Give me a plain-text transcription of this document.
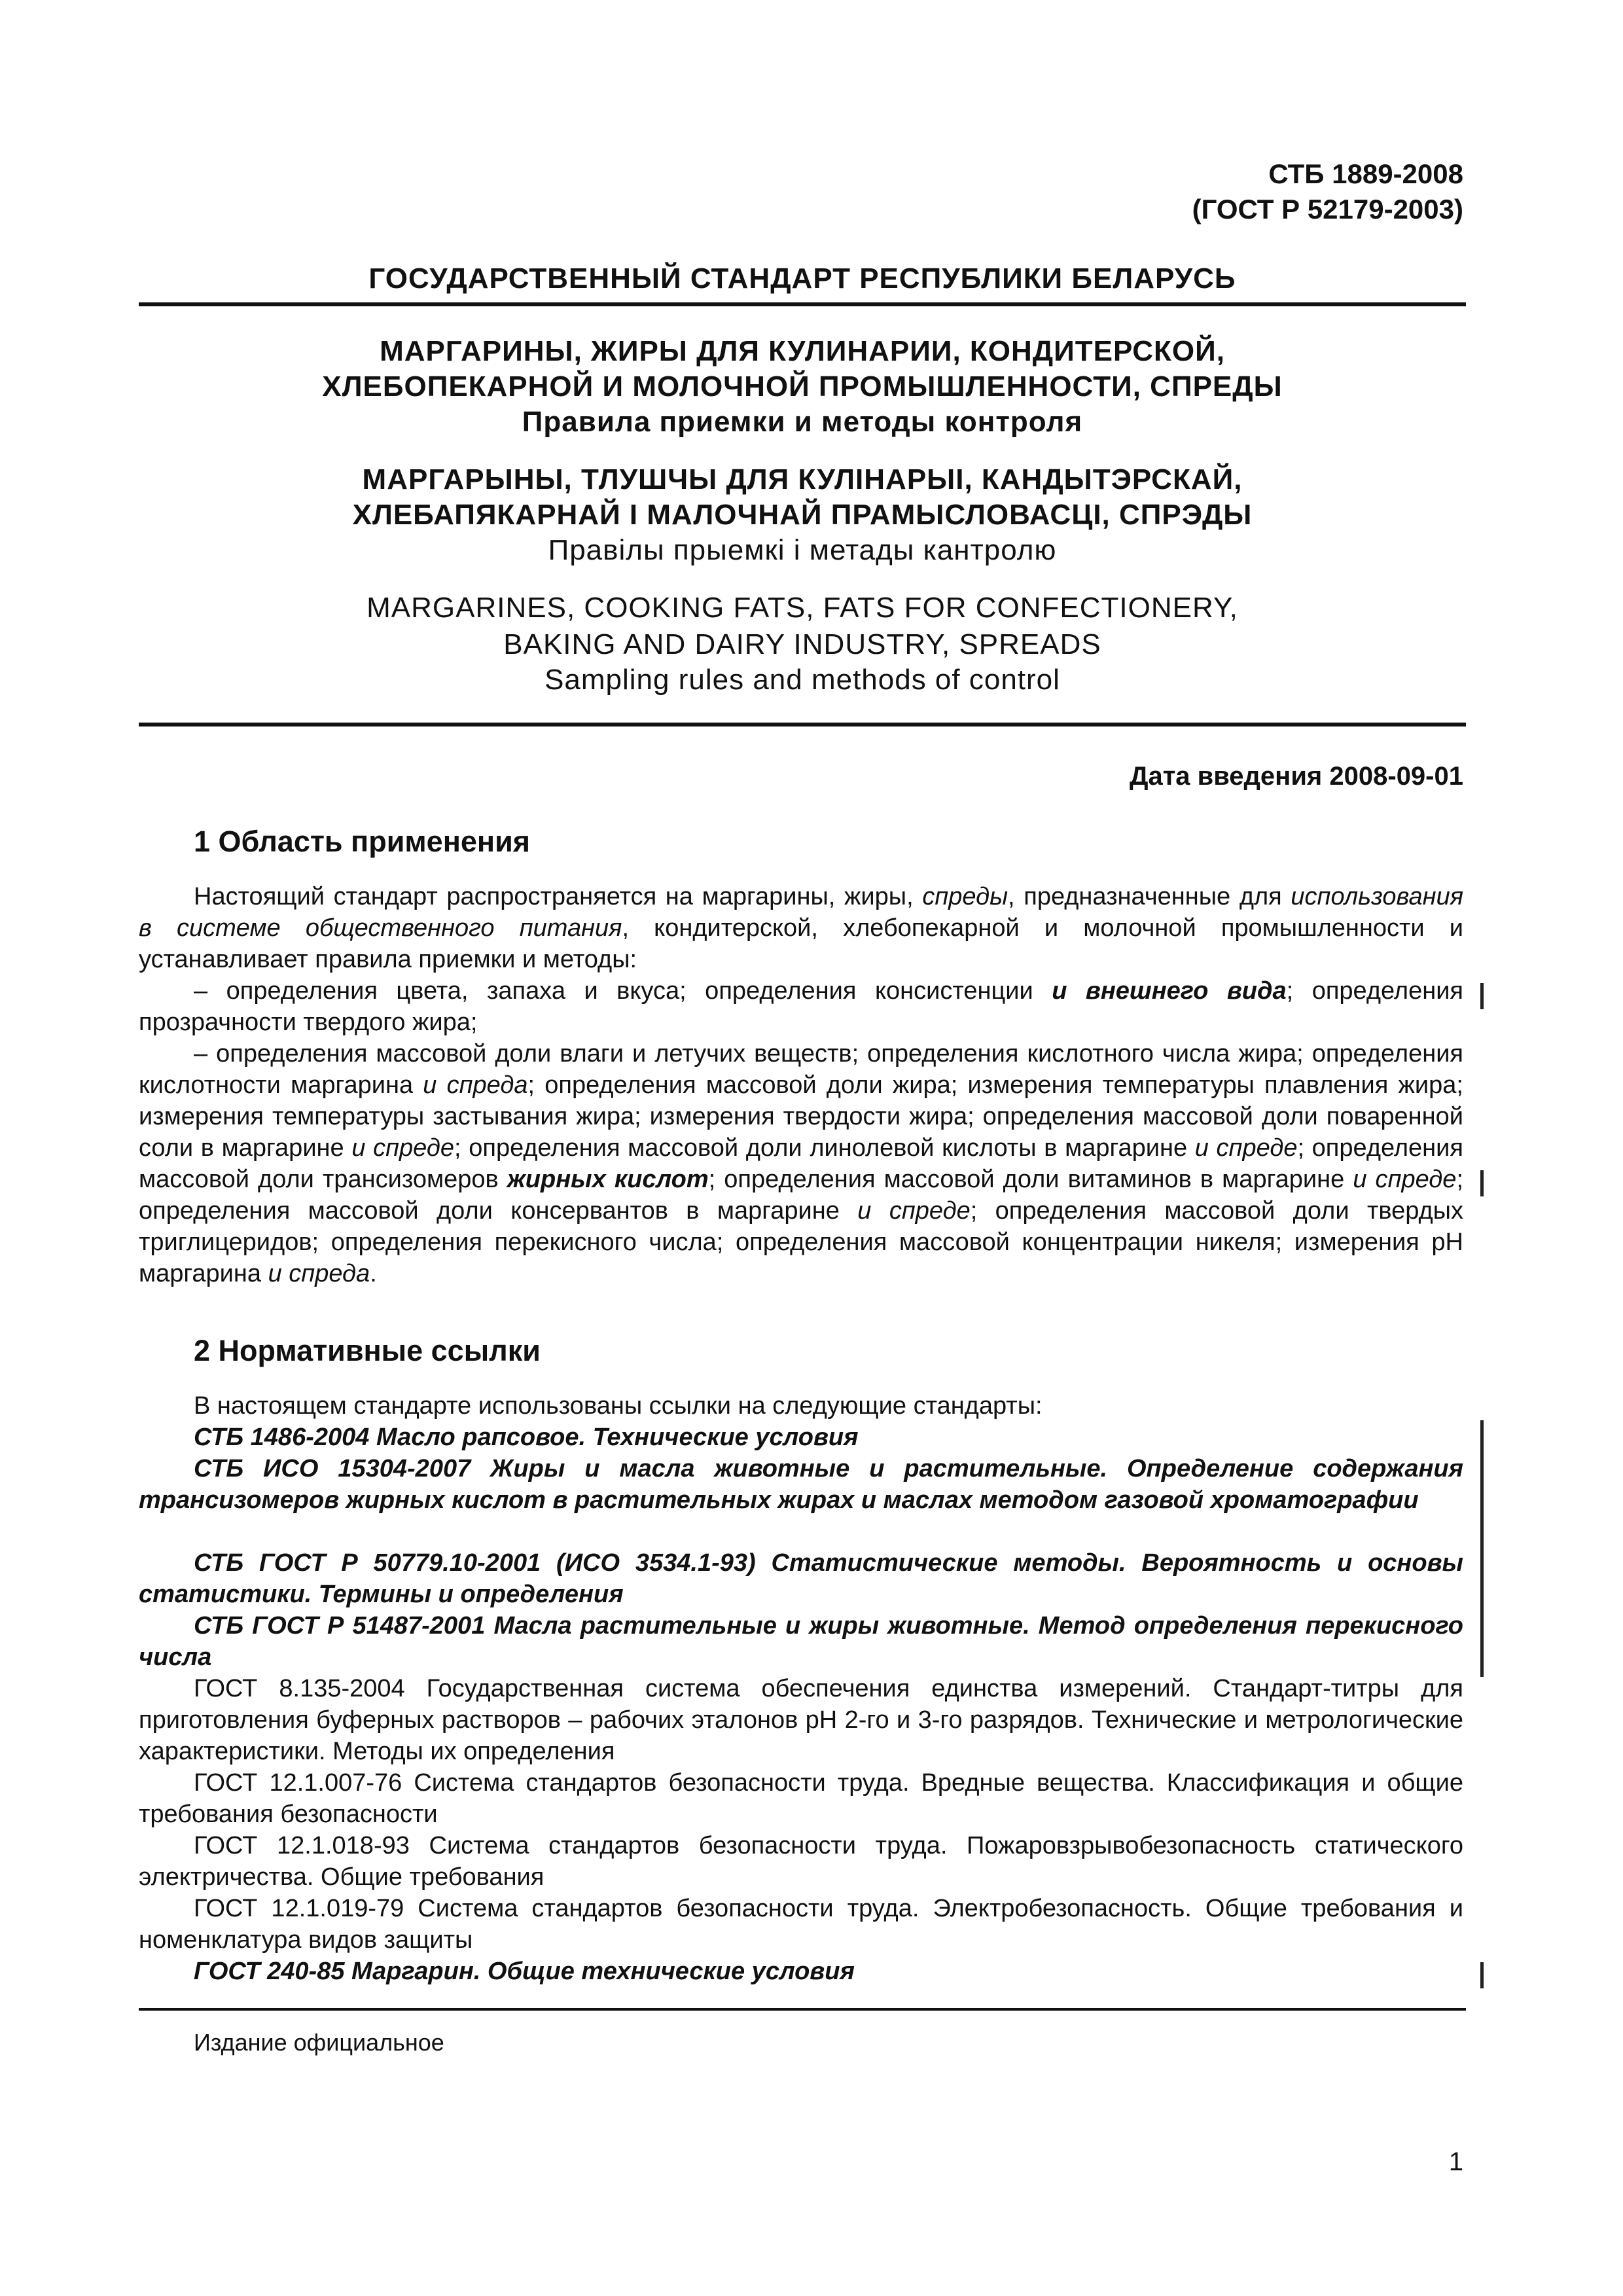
СТБ 1889-2008
(ГОСТ Р 52179-2003)
ГОСУДАРСТВЕННЫЙ СТАНДАРТ РЕСПУБЛИКИ БЕЛАРУСЬ
МАРГАРИНЫ, ЖИРЫ ДЛЯ КУЛИНАРИИ, КОНДИТЕРСКОЙ,
ХЛЕБОПЕКАРНОЙ И МОЛОЧНОЙ ПРОМЫШЛЕННОСТИ, СПРЕДЫ
Правила приемки и методы контроля
МАРГАРЫНЫ, ТЛУШЧЫ ДЛЯ КУЛІНАРЫІ, КАНДЫТЭРСКАЙ,
ХЛЕБАПЯКАРНАЙ І МАЛОЧНАЙ ПРАМЫСЛОВАСЦІ, СПРЭДЫ
Правілы прыемкі і метады кантролю
MARGARINES, COOKING FATS, FATS FOR CONFECTIONERY,
BAKING AND DAIRY INDUSTRY, SPREADS
Sampling rules and methods of control
Дата введения 2008-09-01
1 Область применения
Настоящий стандарт распространяется на маргарины, жиры, спреды, предназначенные для использования в системе общественного питания, кондитерской, хлебопекарной и молочной промышленности и устанавливает правила приемки и методы:
– определения цвета, запаха и вкуса; определения консистенции и внешнего вида; определения прозрачности твердого жира;
– определения массовой доли влаги и летучих веществ; определения кислотного числа жира; определения кислотности маргарина и спреда; определения массовой доли жира; измерения температуры плавления жира; измерения температуры застывания жира; измерения твердости жира; определения массовой доли поваренной соли в маргарине и спреде; определения массовой доли линолевой кислоты в маргарине и спреде; определения массовой доли трансизомеров жирных кислот; определения массовой доли витаминов в маргарине и спреде; определения массовой доли консервантов в маргарине и спреде; определения массовой доли твердых триглицеридов; определения перекисного числа; определения массовой концентрации никеля; измерения pH маргарина и спреда.
2 Нормативные ссылки
В настоящем стандарте использованы ссылки на следующие стандарты:
СТБ 1486-2004 Масло рапсовое. Технические условия
СТБ ИСО 15304-2007 Жиры и масла животные и растительные. Определение содержания трансизомеров жирных кислот в растительных жирах и маслах методом газовой хроматографии
СТБ ГОСТ Р 50779.10-2001 (ИСО 3534.1-93) Статистические методы. Вероятность и основы статистики. Термины и определения
СТБ ГОСТ Р 51487-2001 Масла растительные и жиры животные. Метод определения перекисного числа
ГОСТ 8.135-2004 Государственная система обеспечения единства измерений. Стандарт-титры для приготовления буферных растворов – рабочих эталонов pH 2-го и 3-го разрядов. Технические и метрологические характеристики. Методы их определения
ГОСТ 12.1.007-76 Система стандартов безопасности труда. Вредные вещества. Классификация и общие требования безопасности
ГОСТ 12.1.018-93 Система стандартов безопасности труда. Пожаровзрывобезопасность статического электричества. Общие требования
ГОСТ 12.1.019-79 Система стандартов безопасности труда. Электробезопасность. Общие требования и номенклатура видов защиты
ГОСТ 240-85 Маргарин. Общие технические условия
Издание официальное
1
